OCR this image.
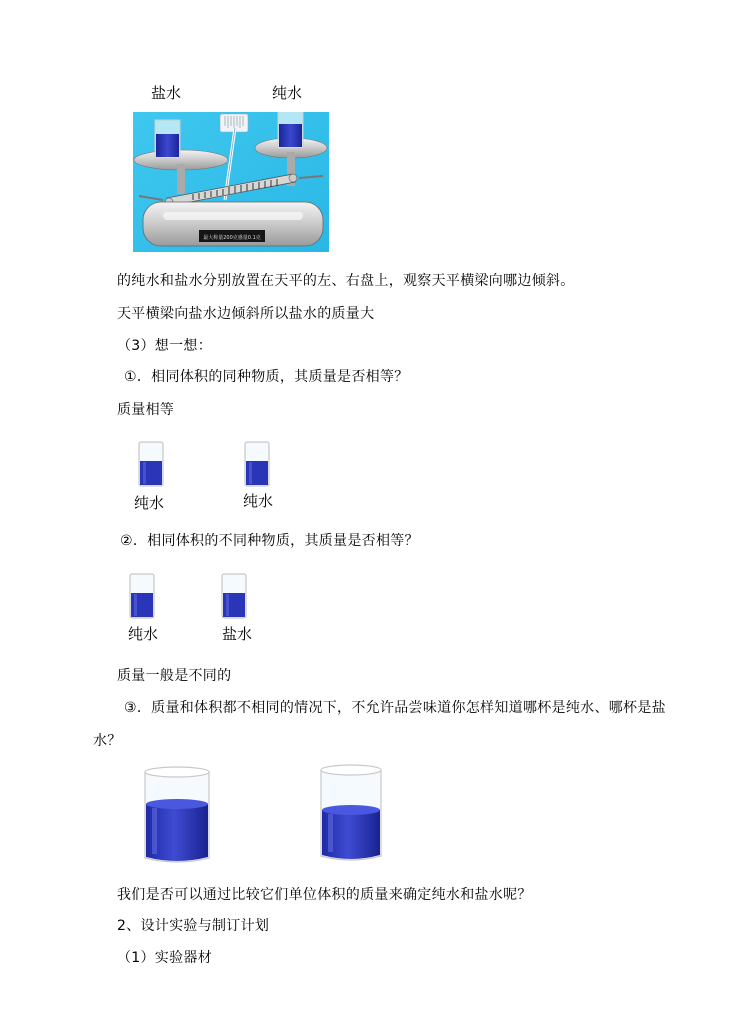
盐水	纯水
最大称量200克感量0.1克
的纯水和盐水分别放置在天平的左、右盘上，观察天平横梁向哪边倾斜。
天平横梁向盐水边倾斜所以盐水的质量大
（3）想一想：
①．相同体积的同种物质，其质量是否相等？
质量相等
纯水	纯水
②．相同体积的不同种物质，其质量是否相等？
纯水	盐水
质量一般是不同的
③．质量和体积都不相同的情况下，不允许品尝味道你怎样知道哪杯是纯水、哪杯是盐
水？
我们是否可以通过比较它们单位体积的质量来确定纯水和盐水呢？
2、设计实验与制订计划
（1）实验器材
